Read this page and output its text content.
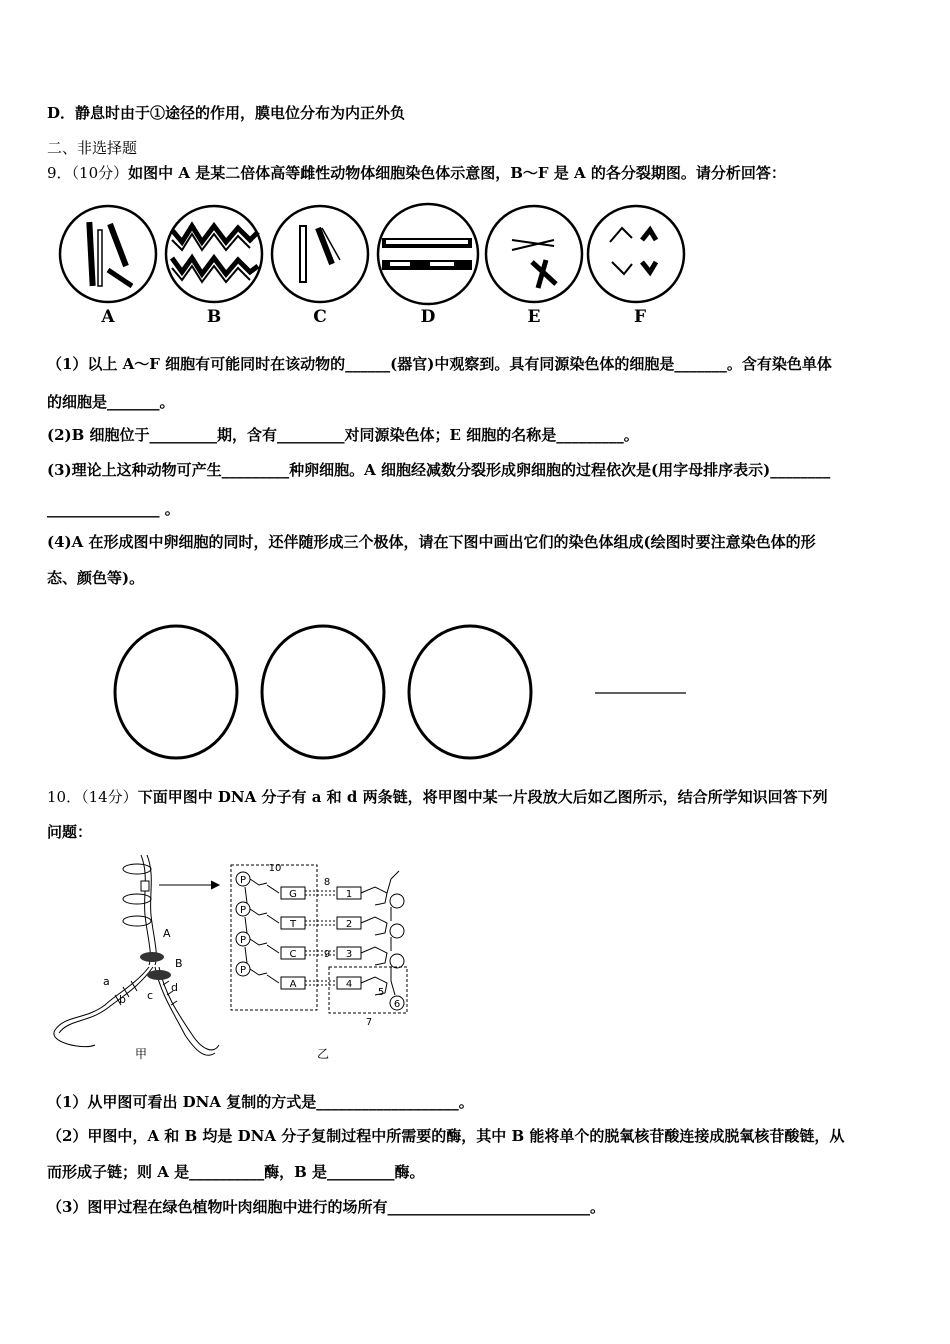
D．静息时由于①途径的作用，膜电位分布为内正外负
二、非选择题
9．（10分）如图中 A 是某二倍体高等雌性动物体细胞染色体示意图，B～F 是 A 的各分裂期图。请分析回答：
A	B	C	D	E	F
（1）以上 A～F 细胞有可能同时在该动物的______(器官)中观察到。具有同源染色体的细胞是_______。含有染色单体
的细胞是_______。
(2)B 细胞位于_________期，含有_________对同源染色体；E 细胞的名称是_________。
(3)理论上这种动物可产生_________种卵细胞。A 细胞经减数分裂形成卵细胞的过程依次是(用字母排序表示)________
_______________ 。
(4)A 在形成图中卵细胞的同时，还伴随形成三个极体，请在下图中画出它们的染色体组成(绘图时要注意染色体的形
态、颜色等)。
10．（14分）下面甲图中 DNA 分子有 a 和 d 两条链，将甲图中某一片段放大后如乙图所示，结合所学知识回答下列
问题：
A
B
a
b c
d
甲
P
P
P
P
G
T
C
A
1
2
3
4
10
8
9
5
6
7
乙
（1）从甲图可看出 DNA 复制的方式是___________________。
（2）甲图中，A 和 B 均是 DNA 分子复制过程中所需要的酶，其中 B 能将单个的脱氧核苷酸连接成脱氧核苷酸链，从
而形成子链；则 A 是__________酶，B 是_________酶。
（3）图甲过程在绿色植物叶肉细胞中进行的场所有___________________________。
